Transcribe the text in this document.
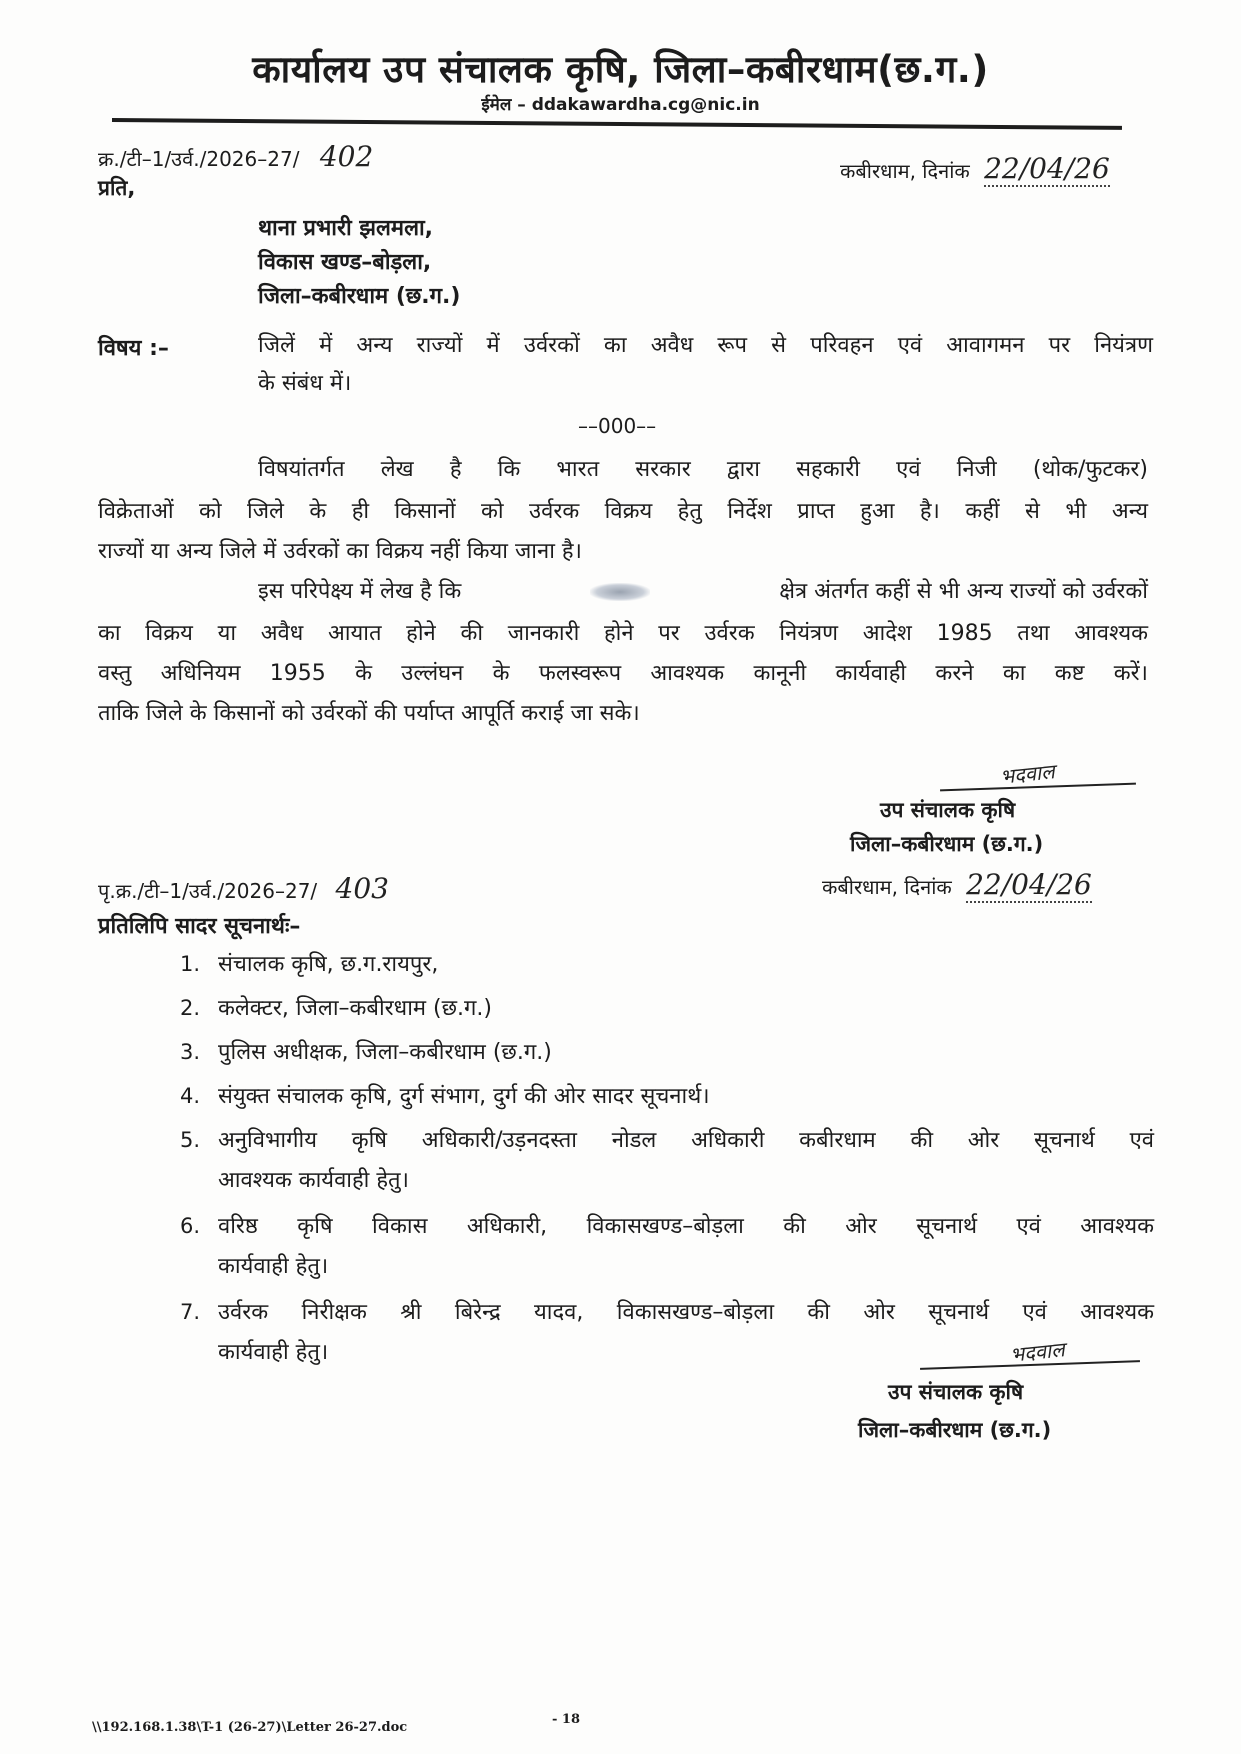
कार्यालय उप संचालक कृषि, जिला–कबीरधाम(छ.ग.)
ईमेल – ddakawardha.cg@nic.in
क्र./टी–1/उर्व./2026–27/ 402	कबीरधाम, दिनांक 22/04/26
प्रति,
थाना प्रभारी झलमला,
विकास खण्ड–बोड़ला,
जिला–कबीरधाम (छ.ग.)
विषय :–	जिलें में अन्य राज्यों में उर्वरकों का अवैध रूप से परिवहन एवं आवागमन पर नियंत्रण
के संबंध में।
––000––
विषयांतर्गत लेख है कि भारत सरकार द्वारा सहकारी एवं निजी (थोक/फुटकर)
विक्रेताओं को जिले के ही किसानों को उर्वरक विक्रय हेतु निर्देश प्राप्त हुआ है। कहीं से भी अन्य
राज्यों या अन्य जिले में उर्वरकों का विक्रय नहीं किया जाना है।
इस परिपेक्ष्य में लेख है कि	क्षेत्र अंतर्गत कहीं से भी अन्य राज्यों को उर्वरकों
का विक्रय या अवैध आयात होने की जानकारी होने पर उर्वरक नियंत्रण आदेश 1985 तथा आवश्यक
वस्तु अधिनियम 1955 के उल्लंघन के फलस्वरूप आवश्यक कानूनी कार्यवाही करने का कष्ट करें।
ताकि जिले के किसानों को उर्वरकों की पर्याप्त आपूर्ति कराई जा सके।
भदवाल
उप संचालक कृषि
जिला–कबीरधाम (छ.ग.)
पृ.क्र./टी–1/उर्व./2026–27/ 403	कबीरधाम, दिनांक 22/04/26
प्रतिलिपि सादर सूचनार्थः–
1. संचालक कृषि, छ.ग.रायपुर,
2. कलेक्टर, जिला–कबीरधाम (छ.ग.)
3. पुलिस अधीक्षक, जिला–कबीरधाम (छ.ग.)
4. संयुक्त संचालक कृषि, दुर्ग संभाग, दुर्ग की ओर सादर सूचनार्थ।
5. अनुविभागीय कृषि अधिकारी/उड़नदस्ता नोडल अधिकारी कबीरधाम की ओर सूचनार्थ एवं
आवश्यक कार्यवाही हेतु।
6. वरिष्ठ कृषि विकास अधिकारी, विकासखण्ड–बोड़ला की ओर सूचनार्थ एवं आवश्यक
कार्यवाही हेतु।
7. उर्वरक निरीक्षक श्री बिरेन्द्र यादव, विकासखण्ड–बोड़ला की ओर सूचनार्थ एवं आवश्यक
कार्यवाही हेतु।	भदवाल
उप संचालक कृषि
जिला–कबीरधाम (छ.ग.)
\\192.168.1.38\T-1 (26-27)\Letter 26-27.doc
- 18
